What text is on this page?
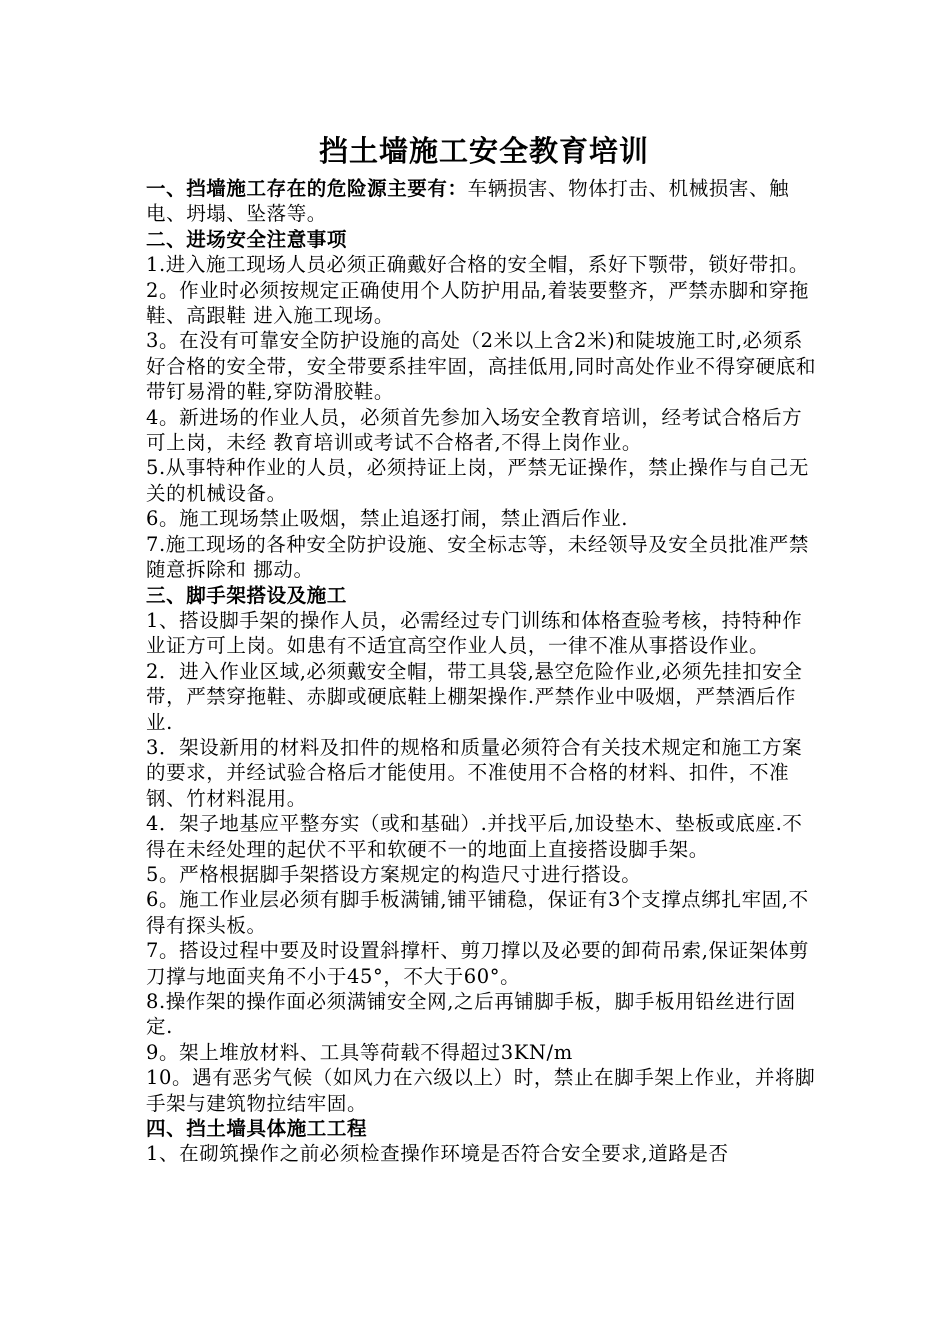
挡土墙施工安全教育培训

一、挡墙施工存在的危险源主要有：车辆损害、物体打击、机械损害、触电、坍塌、坠落等。

二、进场安全注意事项

1.进入施工现场人员必须正确戴好合格的安全帽，系好下颚带，锁好带扣。

2。作业时必须按规定正确使用个人防护用品,着装要整齐，严禁赤脚和穿拖鞋、高跟鞋 进入施工现场。

3。在没有可靠安全防护设施的高处（2米以上含2米)和陡坡施工时,必须系好合格的安全带，安全带要系挂牢固，高挂低用,同时高处作业不得穿硬底和带钉易滑的鞋,穿防滑胶鞋。

4。新进场的作业人员，必须首先参加入场安全教育培训，经考试合格后方可上岗，未经 教育培训或考试不合格者,不得上岗作业。

5.从事特种作业的人员，必须持证上岗，严禁无证操作，禁止操作与自己无关的机械设备。

6。施工现场禁止吸烟，禁止追逐打闹，禁止酒后作业.

7.施工现场的各种安全防护设施、安全标志等，未经领导及安全员批准严禁随意拆除和 挪动。

三、脚手架搭设及施工

1、搭设脚手架的操作人员，必需经过专门训练和体格查验考核，持特种作业证方可上岗。如患有不适宜高空作业人员，一律不准从事搭设作业。

2．进入作业区域,必须戴安全帽，带工具袋,悬空危险作业,必须先挂扣安全带，严禁穿拖鞋、赤脚或硬底鞋上棚架操作.严禁作业中吸烟，严禁酒后作业.

3．架设新用的材料及扣件的规格和质量必须符合有关技术规定和施工方案的要求，并经试验合格后才能使用。不准使用不合格的材料、扣件，不准钢、竹材料混用。

4．架子地基应平整夯实（或和基础）.并找平后,加设垫木、垫板或底座.不得在未经处理的起伏不平和软硬不一的地面上直接搭设脚手架。

5。严格根据脚手架搭设方案规定的构造尺寸进行搭设。

6。施工作业层必须有脚手板满铺,铺平铺稳，保证有3个支撑点绑扎牢固,不得有探头板。

7。搭设过程中要及时设置斜撑杆、剪刀撑以及必要的卸荷吊索,保证架体剪刀撑与地面夹角不小于45°，不大于60°。

8.操作架的操作面必须满铺安全网,之后再铺脚手板，脚手板用铅丝进行固定.

9。架上堆放材料、工具等荷载不得超过3KN/m

10。遇有恶劣气候（如风力在六级以上）时，禁止在脚手架上作业，并将脚手架与建筑物拉结牢固。

四、挡土墙具体施工工程

1、在砌筑操作之前必须检查操作环境是否符合安全要求,道路是否
